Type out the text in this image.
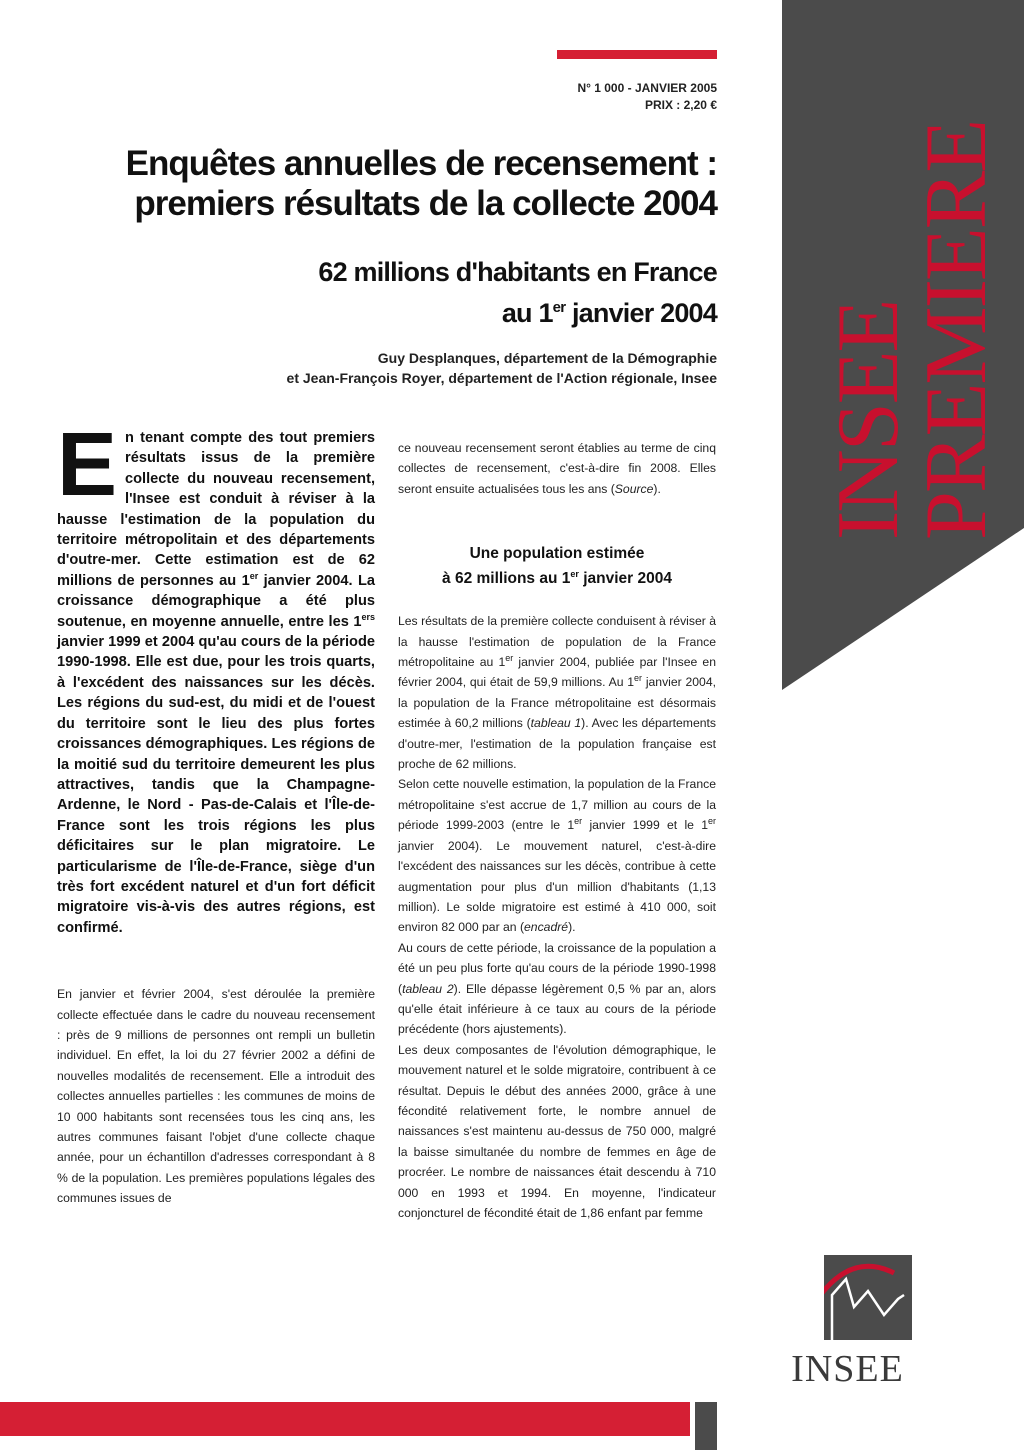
INSEE
PREMIERE
N° 1 000 - JANVIER 2005
PRIX : 2,20 €
Enquêtes annuelles de recensement :
premiers résultats de la collecte 2004
62 millions d'habitants en France
au 1er janvier 2004
Guy Desplanques, département de la Démographie
et Jean-François Royer, département de l'Action régionale, Insee

En tenant compte des tout premiers résultats issus de la première collecte du nouveau recensement, l'Insee est conduit à réviser à la hausse l'estimation de la population du territoire métropolitain et des départements d'outre-mer. Cette estimation est de 62 millions de personnes au 1er janvier 2004. La croissance démographique a été plus soutenue, en moyenne annuelle, entre les 1ers janvier 1999 et 2004 qu'au cours de la période 1990-1998. Elle est due, pour les trois quarts, à l'excédent des naissances sur les décès. Les régions du sud-est, du midi et de l'ouest du territoire sont le lieu des plus fortes croissances démographiques. Les régions de la moitié sud du territoire demeurent les plus attractives, tandis que la Champagne-Ardenne, le Nord - Pas-de-Calais et l'Île-de-France sont les trois régions les plus déficitaires sur le plan migratoire. Le particularisme de l'Île-de-France, siège d'un très fort excédent naturel et d'un fort déficit migratoire vis-à-vis des autres régions, est confirmé.

En janvier et février 2004, s'est déroulée la première collecte effectuée dans le cadre du nouveau recensement : près de 9 millions de personnes ont rempli un bulletin individuel. En effet, la loi du 27 février 2002 a défini de nouvelles modalités de recensement. Elle a introduit des collectes annuelles partielles : les communes de moins de 10 000 habitants sont recensées tous les cinq ans, les autres communes faisant l'objet d'une collecte chaque année, pour un échantillon d'adresses correspondant à 8 % de la population. Les premières populations légales des communes issues de

ce nouveau recensement seront établies au terme de cinq collectes de recensement, c'est-à-dire fin 2008. Elles seront ensuite actualisées tous les ans (Source).

Une population estimée
à 62 millions au 1er janvier 2004

Les résultats de la première collecte conduisent à réviser à la hausse l'estimation de population de la France métropolitaine au 1er janvier 2004, publiée par l'Insee en février 2004, qui était de 59,9 millions. Au 1er janvier 2004, la population de la France métropolitaine est désormais estimée à 60,2 millions (tableau 1). Avec les départements d'outre-mer, l'estimation de la population française est proche de 62 millions.

Selon cette nouvelle estimation, la population de la France métropolitaine s'est accrue de 1,7 million au cours de la période 1999-2003 (entre le 1er janvier 1999 et le 1er janvier 2004). Le mouvement naturel, c'est-à-dire l'excédent des naissances sur les décès, contribue à cette augmentation pour plus d'un million d'habitants (1,13 million). Le solde migratoire est estimé à 410 000, soit environ 82 000 par an (encadré).

Au cours de cette période, la croissance de la population a été un peu plus forte qu'au cours de la période 1990-1998 (tableau 2). Elle dépasse légèrement 0,5 % par an, alors qu'elle était inférieure à ce taux au cours de la période précédente (hors ajustements).

Les deux composantes de l'évolution démographique, le mouvement naturel et le solde migratoire, contribuent à ce résultat. Depuis le début des années 2000, grâce à une fécondité relativement forte, le nombre annuel de naissances s'est maintenu au-dessus de 750 000, malgré la baisse simultanée du nombre de femmes en âge de procréer. Le nombre de naissances était descendu à 710 000 en 1993 et 1994. En moyenne, l'indicateur conjoncturel de fécondité était de 1,86 enfant par femme

INSEE
